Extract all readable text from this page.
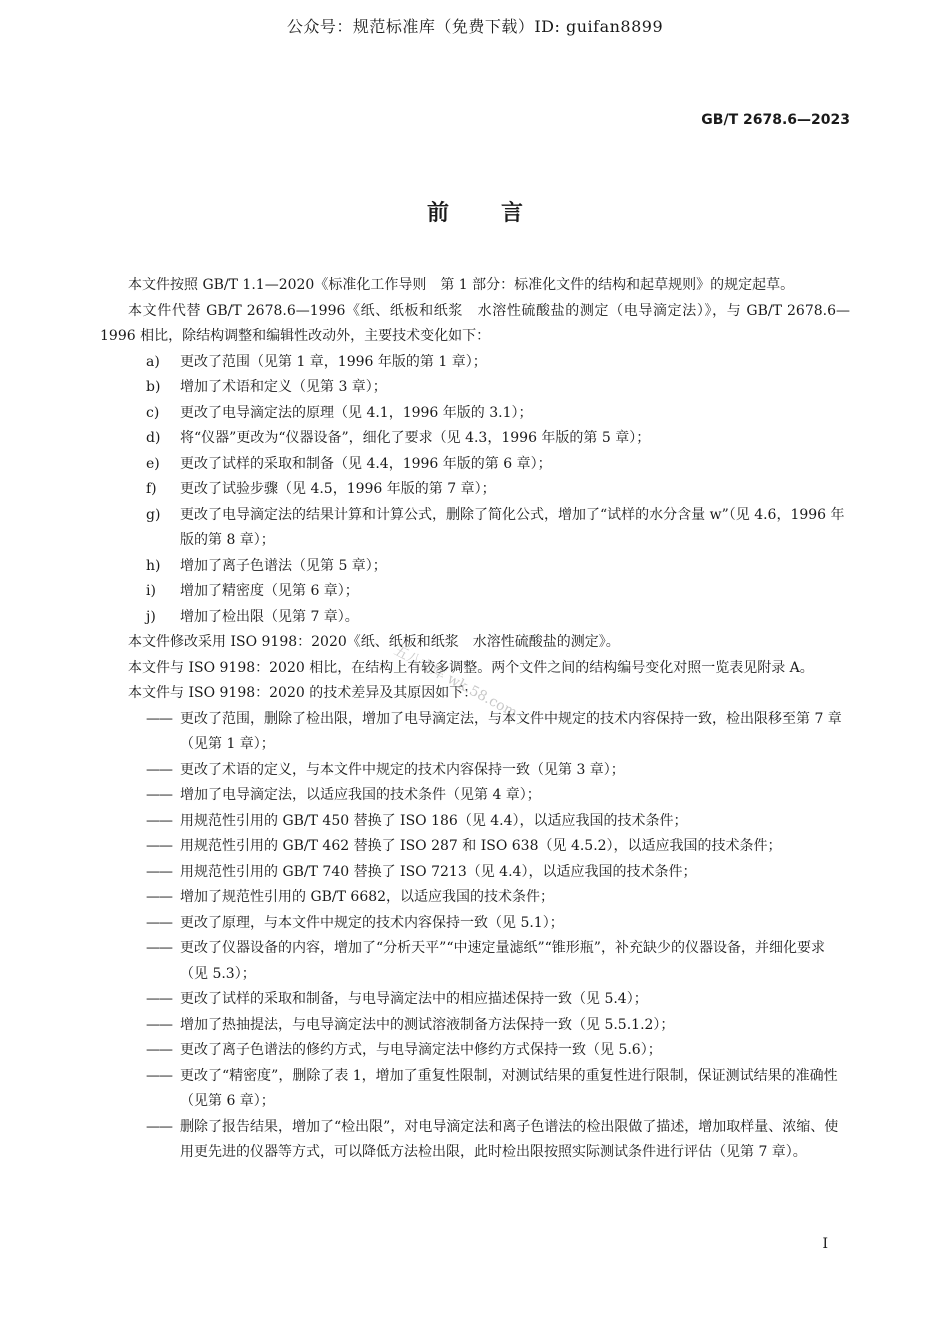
公众号：规范标准库（免费下载）ID: guifan8899
GB/T 2678.6—2023
前言
五八文库 wk.58.com

本文件按照 GB/T 1.1—2020《标准化工作导则　第 1 部分：标准化文件的结构和起草规则》的规定起草。

本文件代替 GB/T 2678.6—1996《纸、纸板和纸浆　水溶性硫酸盐的测定（电导滴定法）》，与 GB/T 2678.6—1996 相比，除结构调整和编辑性改动外，主要技术变化如下：

a) 更改了范围（见第 1 章，1996 年版的第 1 章）；
b) 增加了术语和定义（见第 3 章）；
c) 更改了电导滴定法的原理（见 4.1，1996 年版的 3.1）；
d) 将“仪器”更改为“仪器设备”，细化了要求（见 4.3，1996 年版的第 5 章）；
e) 更改了试样的采取和制备（见 4.4，1996 年版的第 6 章）；
f) 更改了试验步骤（见 4.5，1996 年版的第 7 章）；
g) 更改了电导滴定法的结果计算和计算公式，删除了简化公式，增加了“试样的水分含量 w”（见 4.6，1996 年版的第 8 章）；
h) 增加了离子色谱法（见第 5 章）；
i) 增加了精密度（见第 6 章）；
j) 增加了检出限（见第 7 章）。

本文件修改采用 ISO 9198：2020《纸、纸板和纸浆　水溶性硫酸盐的测定》。

本文件与 ISO 9198：2020 相比，在结构上有较多调整。两个文件之间的结构编号变化对照一览表见附录 A。

本文件与 ISO 9198：2020 的技术差异及其原因如下：

—— 更改了范围，删除了检出限，增加了电导滴定法，与本文件中规定的技术内容保持一致，检出限移至第 7 章（见第 1 章）；
—— 更改了术语的定义，与本文件中规定的技术内容保持一致（见第 3 章）；
—— 增加了电导滴定法，以适应我国的技术条件（见第 4 章）；
—— 用规范性引用的 GB/T 450 替换了 ISO 186（见 4.4），以适应我国的技术条件；
—— 用规范性引用的 GB/T 462 替换了 ISO 287 和 ISO 638（见 4.5.2），以适应我国的技术条件；
—— 用规范性引用的 GB/T 740 替换了 ISO 7213（见 4.4），以适应我国的技术条件；
—— 增加了规范性引用的 GB/T 6682，以适应我国的技术条件；
—— 更改了原理，与本文件中规定的技术内容保持一致（见 5.1）；
—— 更改了仪器设备的内容，增加了“分析天平”“中速定量滤纸”“锥形瓶”，补充缺少的仪器设备，并细化要求（见 5.3）；
—— 更改了试样的采取和制备，与电导滴定法中的相应描述保持一致（见 5.4）；
—— 增加了热抽提法，与电导滴定法中的测试溶液制备方法保持一致（见 5.5.1.2）；
—— 更改了离子色谱法的修约方式，与电导滴定法中修约方式保持一致（见 5.6）；
—— 更改了“精密度”，删除了表 1，增加了重复性限制，对测试结果的重复性进行限制，保证测试结果的准确性（见第 6 章）；
—— 删除了报告结果，增加了“检出限”，对电导滴定法和离子色谱法的检出限做了描述，增加取样量、浓缩、使用更先进的仪器等方式，可以降低方法检出限，此时检出限按照实际测试条件进行评估（见第 7 章）。
I
